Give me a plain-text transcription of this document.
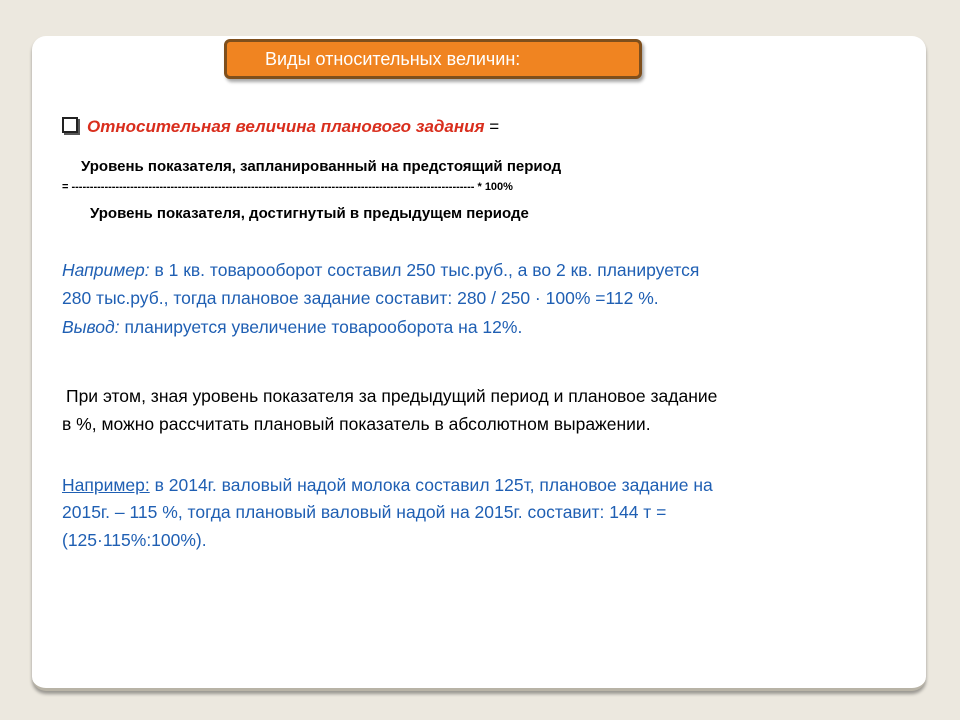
Виды относительных величин:
Относительная величина планового задания =
Уровень показателя, запланированный на предстоящий период
= -------------------------------------------------------------------------------------------------------------- * 100%
Уровень показателя, достигнутый в предыдущем периоде
Например: в 1 кв. товарооборот составил 250 тыс.руб., а во 2 кв. планируется
280 тыс.руб., тогда плановое задание составит: 280 / 250 · 100% =112 %.
Вывод: планируется увеличение товарооборота на 12%.
При этом, зная уровень показателя за предыдущий период и плановое задание
в %, можно рассчитать плановый показатель в абсолютном выражении.
Например: в 2014г. валовый надой молока составил 125т, плановое задание на
2015г. – 115 %, тогда плановый валовый надой на 2015г. составит: 144 т =
(125·115%:100%).
